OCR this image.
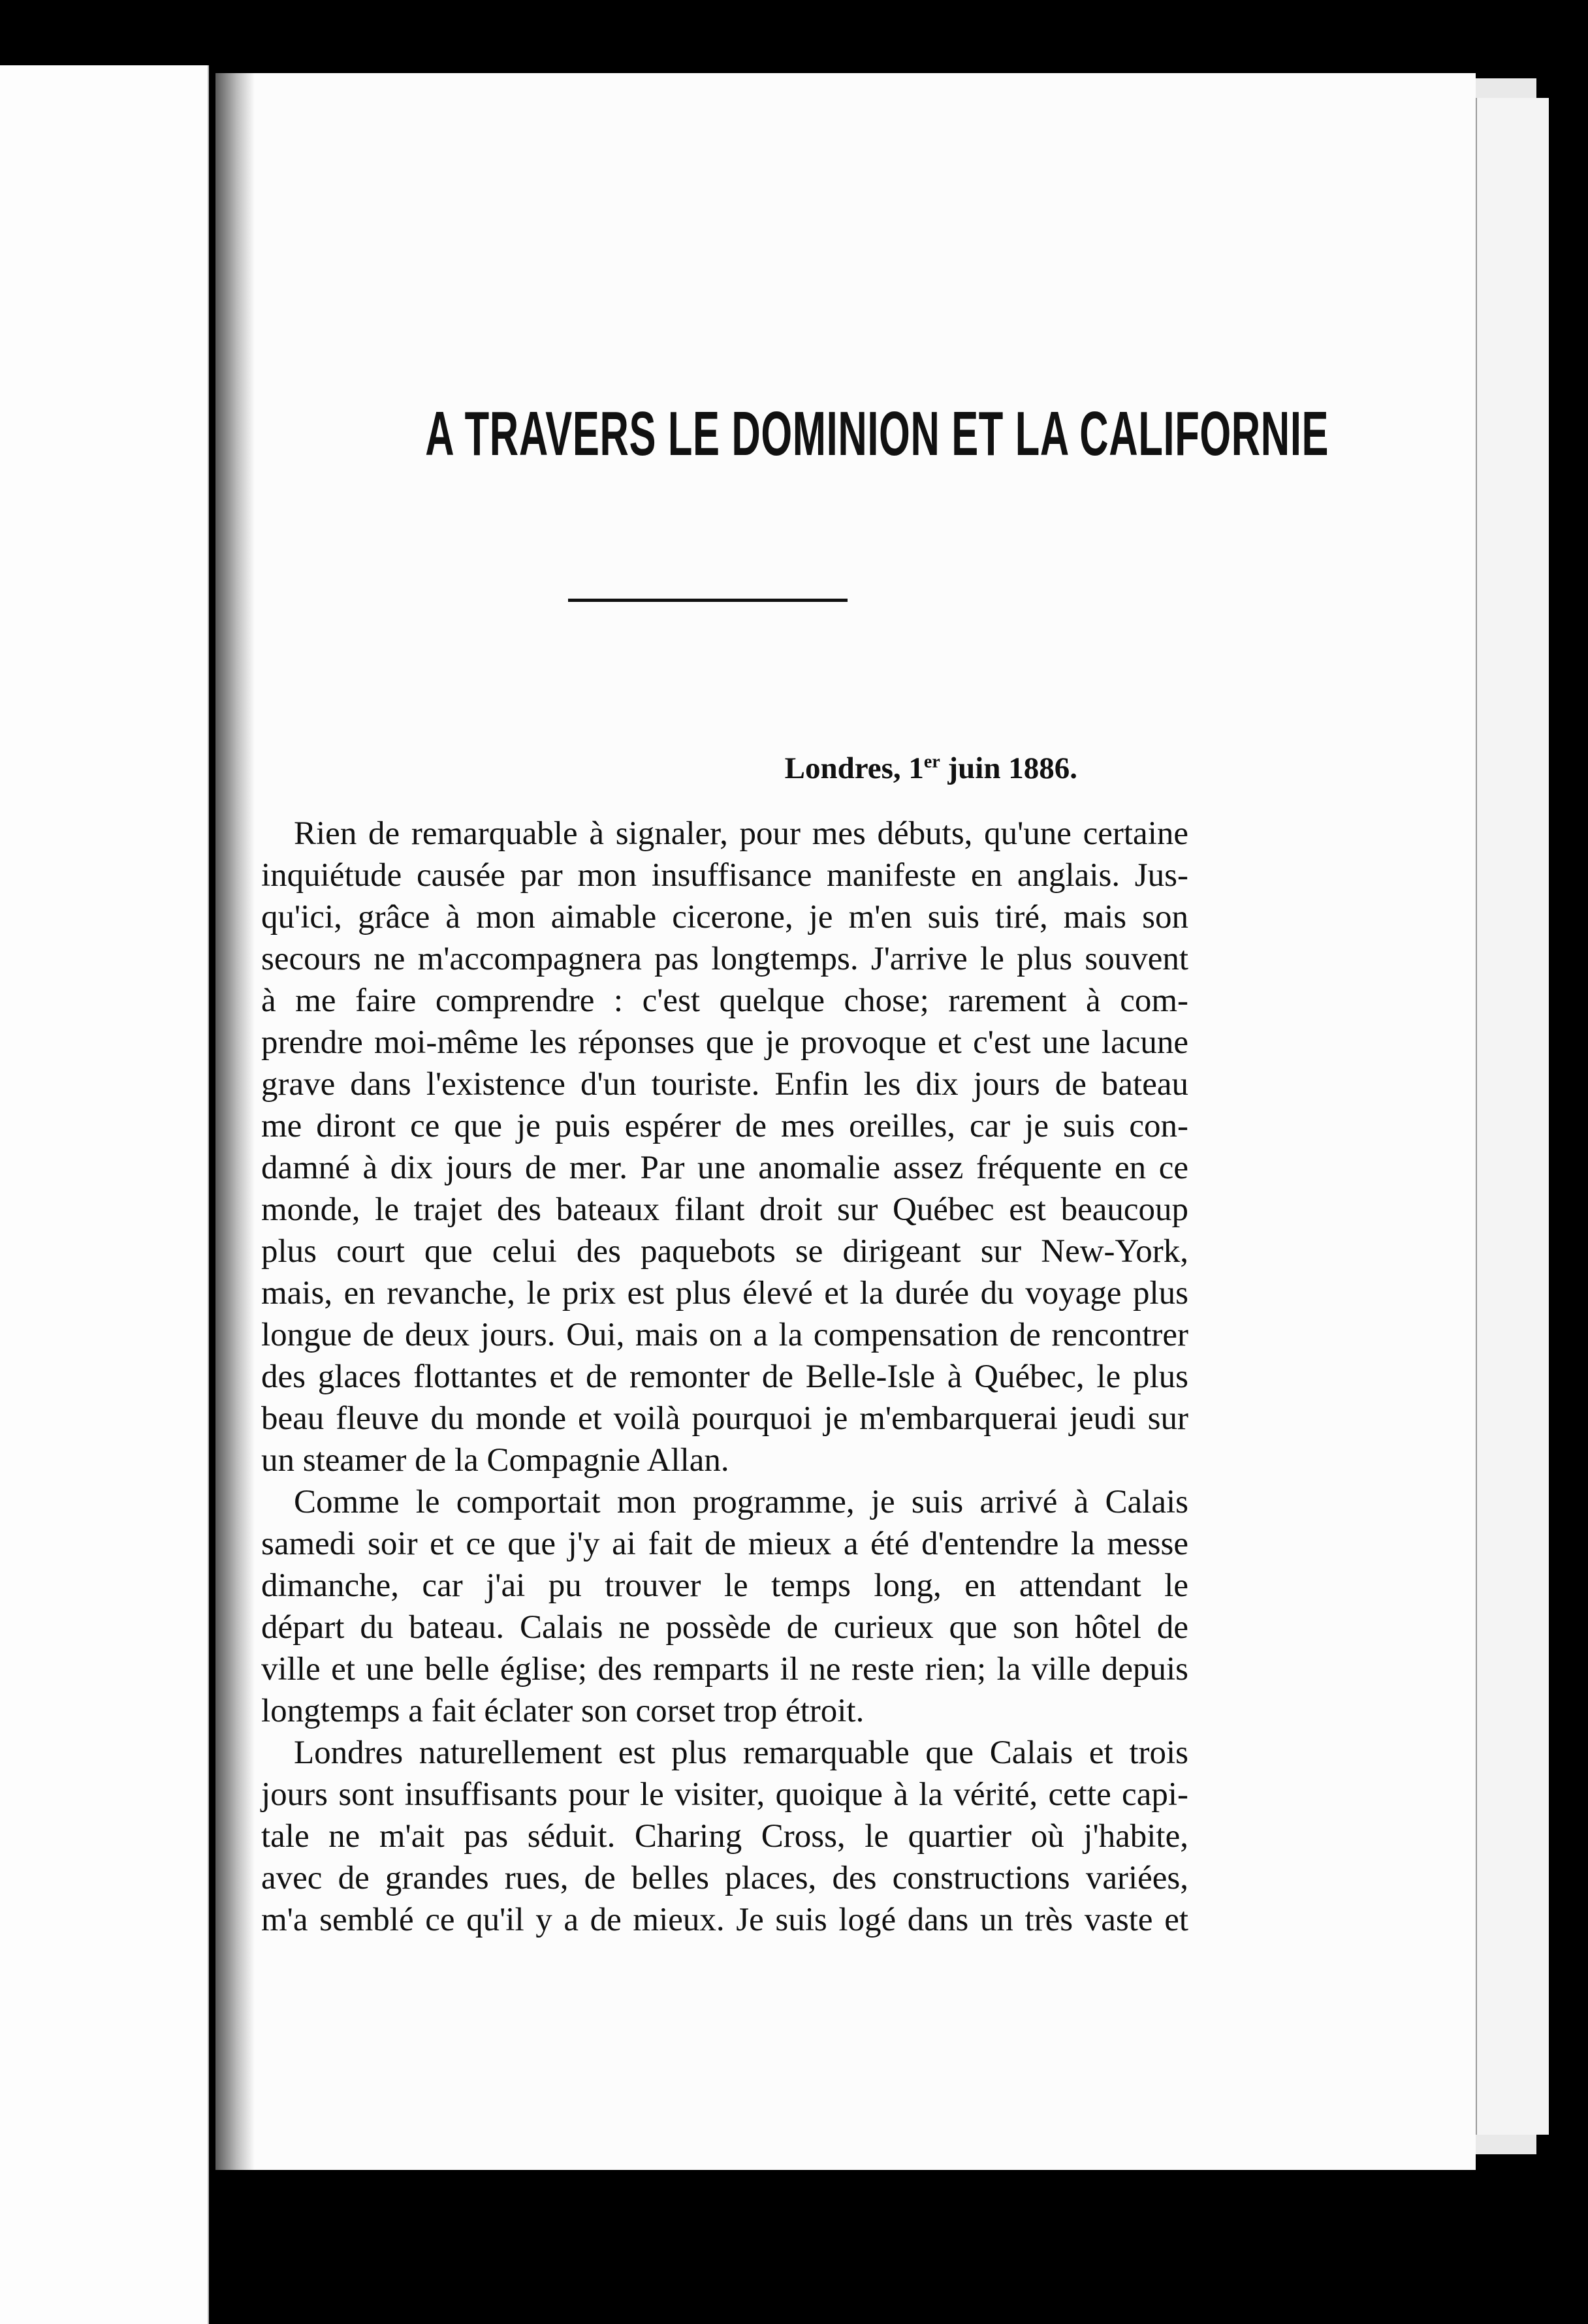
A TRAVERS LE DOMINION ET LA CALIFORNIE
Londres, 1er juin 1886.
Rien de remarquable à signaler, pour mes débuts, qu'une certaine
inquiétude causée par mon insuffisance manifeste en anglais. Jus-
qu'ici, grâce à mon aimable cicerone, je m'en suis tiré, mais son
secours ne m'accompagnera pas longtemps. J'arrive le plus souvent
à me faire comprendre : c'est quelque chose; rarement à com-
prendre moi-même les réponses que je provoque et c'est une lacune
grave dans l'existence d'un touriste. Enfin les dix jours de bateau
me diront ce que je puis espérer de mes oreilles, car je suis con-
damné à dix jours de mer. Par une anomalie assez fréquente en ce
monde, le trajet des bateaux filant droit sur Québec est beaucoup
plus court que celui des paquebots se dirigeant sur New-York,
mais, en revanche, le prix est plus élevé et la durée du voyage plus
longue de deux jours. Oui, mais on a la compensation de rencontrer
des glaces flottantes et de remonter de Belle-Isle à Québec, le plus
beau fleuve du monde et voilà pourquoi je m'embarquerai jeudi sur
un steamer de la Compagnie Allan.
Comme le comportait mon programme, je suis arrivé à Calais
samedi soir et ce que j'y ai fait de mieux a été d'entendre la messe
dimanche, car j'ai pu trouver le temps long, en attendant le
départ du bateau. Calais ne possède de curieux que son hôtel de
ville et une belle église; des remparts il ne reste rien; la ville depuis
longtemps a fait éclater son corset trop étroit.
Londres naturellement est plus remarquable que Calais et trois
jours sont insuffisants pour le visiter, quoique à la vérité, cette capi-
tale ne m'ait pas séduit. Charing Cross, le quartier où j'habite,
avec de grandes rues, de belles places, des constructions variées,
m'a semblé ce qu'il y a de mieux. Je suis logé dans un très vaste et
